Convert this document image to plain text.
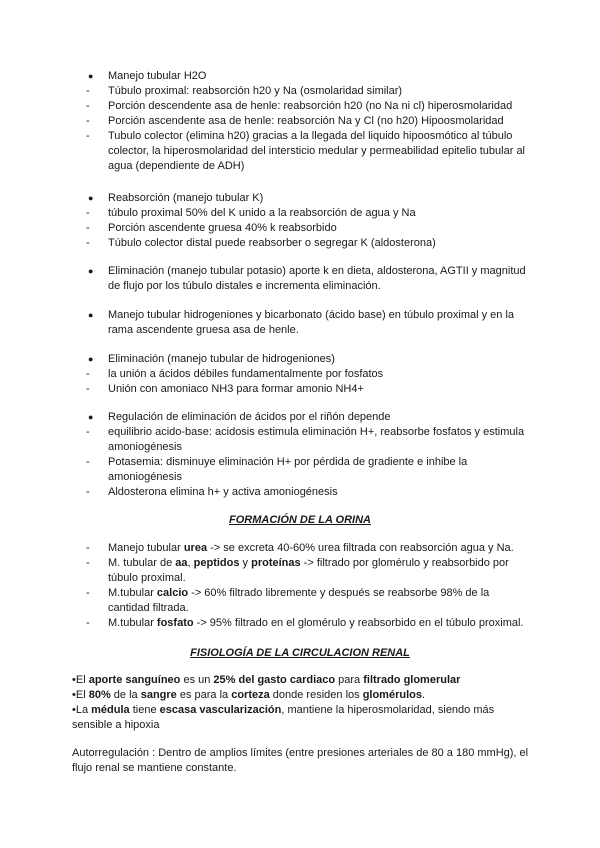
●	Manejo tubular H2O
-	Túbulo proximal: reabsorción h20 y Na (osmolaridad similar)
-	Porción descendente asa de henle: reabsorción h20 (no Na ni cl) hiperosmolaridad
-	Porción ascendente asa de henle: reabsorción Na y Cl (no h20) Hipoosmolaridad
-	Tubulo colector (elimina h20) gracias a la llegada del liquido hipoosmótico al túbulo colector, la hiperosmolaridad del intersticio medular y permeabilidad epitelio tubular al agua (dependiente de ADH)
●	Reabsorción (manejo tubular K)
-	túbulo proximal 50% del K unido a la reabsorción de agua y Na
-	Porción ascendente gruesa 40% k reabsorbido
-	Túbulo colector distal puede reabsorber o segregar K (aldosterona)
●	Eliminación (manejo tubular potasio) aporte k en dieta, aldosterona, AGTII y magnitud de flujo por los túbulo distales e incrementa eliminación.
●	Manejo tubular hidrogeniones y bicarbonato (ácido base) en túbulo proximal y en la rama ascendente gruesa asa de henle.
●	Eliminación (manejo tubular de hidrogeniones)
-	la unión a ácidos débiles fundamentalmente por fosfatos
-	Unión con amoniaco NH3 para formar amonio NH4+
●	Regulación de eliminación de ácidos por el riñón depende
-	equilibrio acido-base: acidosis estimula eliminación H+, reabsorbe fosfatos y estimula amoniogénesis
-	Potasemia: disminuye eliminación H+ por pérdida de gradiente e inhibe la amoniogénesis
-	Aldosterona elimina h+ y activa amoniogénesis
FORMACIÓN DE LA ORINA
-	Manejo tubular urea -> se excreta 40-60% urea filtrada con reabsorción agua y Na.
-	M. tubular de aa, peptidos y proteínas -> filtrado por glomérulo y reabsorbido por túbulo proximal.
-	M.tubular calcio -> 60% filtrado libremente y después se reabsorbe 98% de la cantidad filtrada.
-	M.tubular fosfato -> 95% filtrado en el glomérulo y reabsorbido en el túbulo proximal.
FISIOLOGÍA DE LA CIRCULACION RENAL
•El aporte sanguíneo es un 25% del gasto cardiaco para filtrado glomerular
•El 80% de la sangre es para la corteza donde residen los glomérulos.
•La médula tiene escasa vascularización, mantiene la hiperosmolaridad, siendo más sensible a hipoxia
Autorregulación : Dentro de amplios límites (entre presiones arteriales de 80 a 180 mmHg), el flujo renal se mantiene constante.
